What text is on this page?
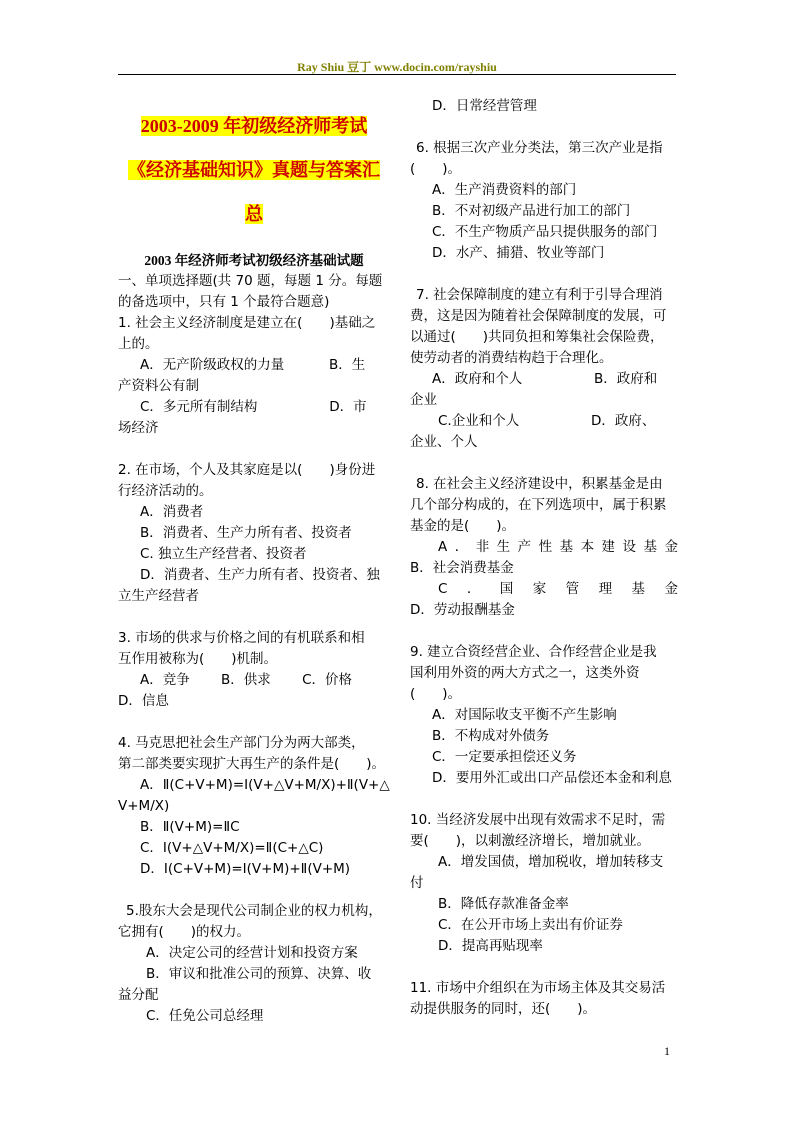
Ray Shiu 豆丁 www.docin.com/rayshiu
2003-2009 年初级经济师考试
《经济基础知识》真题与答案汇
总
2003 年经济师考试初级经济基础试题
一、单项选择题(共 70 题，每题 1 分。每题
的备选项中，只有 1 个最符合题意)
1. 社会主义经济制度是建立在(　　)基础之
上的。
A．无产阶级政权的力量　　　 B．生
产资料公有制
C．多元所有制结构　　　　　 D．市
场经济
2. 在市场，个人及其家庭是以(　　)身份进
行经济活动的。
A．消费者
B．消费者、生产力所有者、投资者
C. 独立生产经营者、投资者
D．消费者、生产力所有者、投资者、独
立生产经营者
3. 市场的供求与价格之间的有机联系和相
互作用被称为(　　)机制。
A．竞争　　 B．供求　　 C．价格
D．信息
4. 马克思把社会生产部门分为两大部类，
第二部类要实现扩大再生产的条件是(　　)。
A．Ⅱ(C+V+M)=I(V+△V+M/X)+Ⅱ(V+△
V+M/X)
B．Ⅱ(V+M)=ⅡC
C．Ⅰ(V+△V+M/X)=Ⅱ(C+△C)
D．Ⅰ(C+V+M)=Ⅰ(V+M)+Ⅱ(V+M)
5.股东大会是现代公司制企业的权力机构，
它拥有(　　)的权力。
A．决定公司的经营计划和投资方案
B．审议和批准公司的预算、决算、收
益分配
C．任免公司总经理
D．日常经营管理
6. 根据三次产业分类法，第三次产业是指
(　　)。
A．生产消费资料的部门
B．不对初级产品进行加工的部门
C．不生产物质产品只提供服务的部门
D．水产、捕猎、牧业等部门
7. 社会保障制度的建立有利于引导合理消
费，这是因为随着社会保障制度的发展，可
以通过(　　)共同负担和筹集社会保险费，
使劳动者的消费结构趋于合理化。
A．政府和个人　　　　　 B．政府和
企业
C.企业和个人　　　　　 D．政府、
企业、个人
8. 在社会主义经济建设中，积累基金是由
几个部分构成的，在下列选项中，属于积累
基金的是(　　)。
A．非生产性基本建设基金
B．社会消费基金
C．国家管理基金
D．劳动报酬基金
9. 建立合资经营企业、合作经营企业是我
国利用外资的两大方式之一，这类外资
(　　)。
A．对国际收支平衡不产生影响
B．不构成对外债务
C．一定要承担偿还义务
D．要用外汇或出口产品偿还本金和利息
10. 当经济发展中出现有效需求不足时，需
要(　　)，以刺激经济增长，增加就业。
A．增发国债，增加税收，增加转移支
付
B．降低存款准备金率
C．在公开市场上卖出有价证券
D．提高再贴现率
11. 市场中介组织在为市场主体及其交易活
动提供服务的同时，还(　　)。
1
